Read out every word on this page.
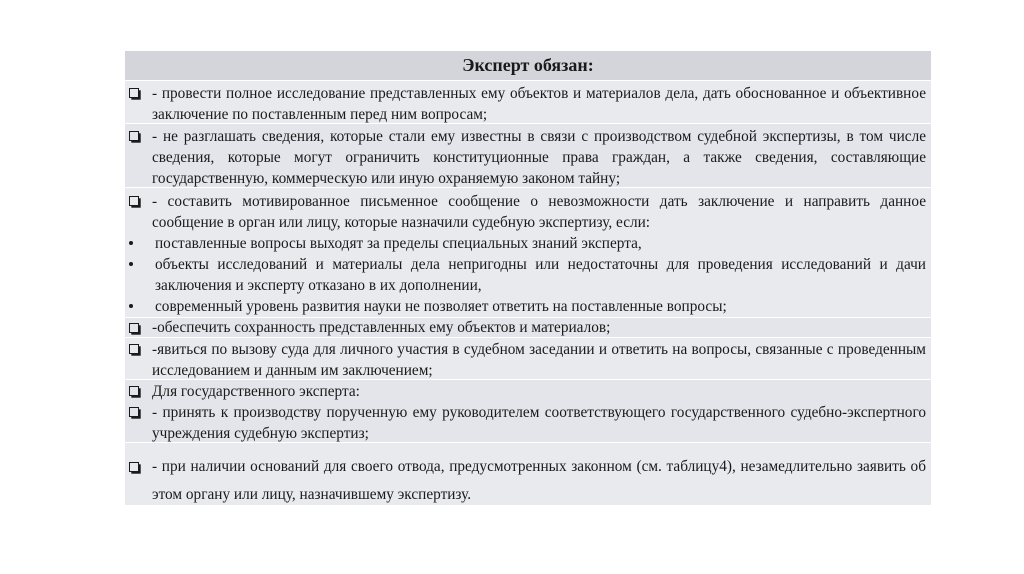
Эксперт обязан:
- провести полное исследование представленных ему объектов и материалов дела, дать обоснованное и объективное заключение по поставленным перед ним вопросам;
- не разглашать сведения, которые стали ему известны в связи с производством судебной экспертизы, в том числе сведения, которые могут ограничить конституционные права граждан, а также сведения, составляющие государственную, коммерческую или иную охраняемую законом тайну;
- составить мотивированное письменное сообщение о невозможности дать заключение и направить данное сообщение в орган или лицу, которые назначили судебную экспертизу, если:
поставленные вопросы выходят за пределы специальных знаний эксперта,
объекты исследований и материалы дела непригодны или недостаточны для проведения исследований и дачи заключения и эксперту отказано в их дополнении,
современный уровень развития науки не позволяет ответить на поставленные вопросы;
-обеспечить сохранность представленных ему объектов и материалов;
-явиться по вызову суда для личного участия в судебном заседании и ответить на вопросы, связанные с проведенным исследованием и данным им заключением;
Для государственного эксперта:
- принять к производству порученную ему руководителем соответствующего государственного судебно-экспертного учреждения судебную экспертиз;
- при наличии оснований для своего отвода, предусмотренных законном (см. таблицу4), незамедлительно заявить об этом органу или лицу, назначившему экспертизу.
